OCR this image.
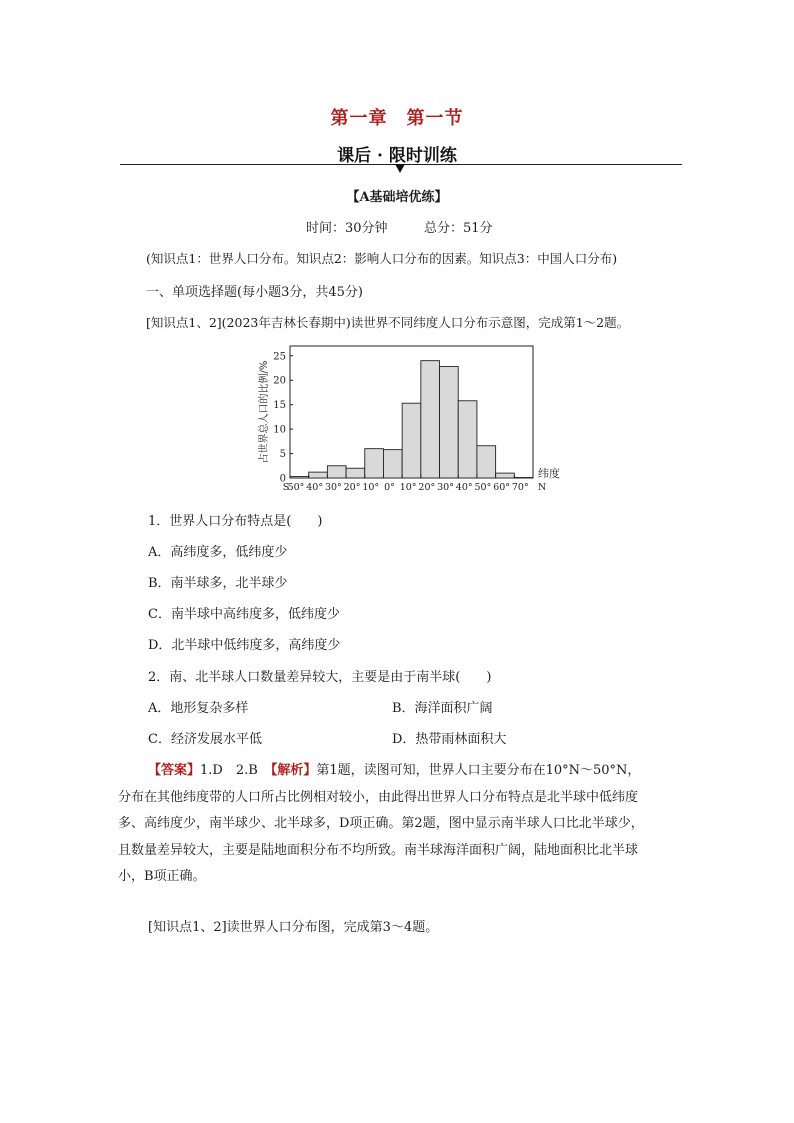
第一章　第一节
课后 · 限时训练
【A基础培优练】
时间：30分钟	总分：51分
(知识点1：世界人口分布。知识点2：影响人口分布的因素。知识点3：中国人口分布)
一、单项选择题(每小题3分，共45分)
[知识点1、2](2023年吉林长春期中)读世界不同纬度人口分布示意图，完成第1～2题。
0
5
10
15
20
25
S
50° 40° 30° 20° 10° 0° 10° 20° 30° 40° 50° 60° 70° N
纬度
占世界总人口的比例/%
1．世界人口分布特点是(　　)
A．高纬度多，低纬度少
B．南半球多，北半球少
C．南半球中高纬度多，低纬度少
D．北半球中低纬度多，高纬度少
2．南、北半球人口数量差异较大，主要是由于南半球(　　)
A．地形复杂多样	B．海洋面积广阔
C．经济发展水平低	D．热带雨林面积大
【答案】1.D　2.B　【解析】第1题，读图可知，世界人口主要分布在10°N～50°N，
分布在其他纬度带的人口所占比例相对较小，由此得出世界人口分布特点是北半球中低纬度
多、高纬度少，南半球少、北半球多，D项正确。第2题，图中显示南半球人口比北半球少，
且数量差异较大，主要是陆地面积分布不均所致。南半球海洋面积广阔，陆地面积比北半球
小，B项正确。
[知识点1、2]读世界人口分布图，完成第3～4题。
